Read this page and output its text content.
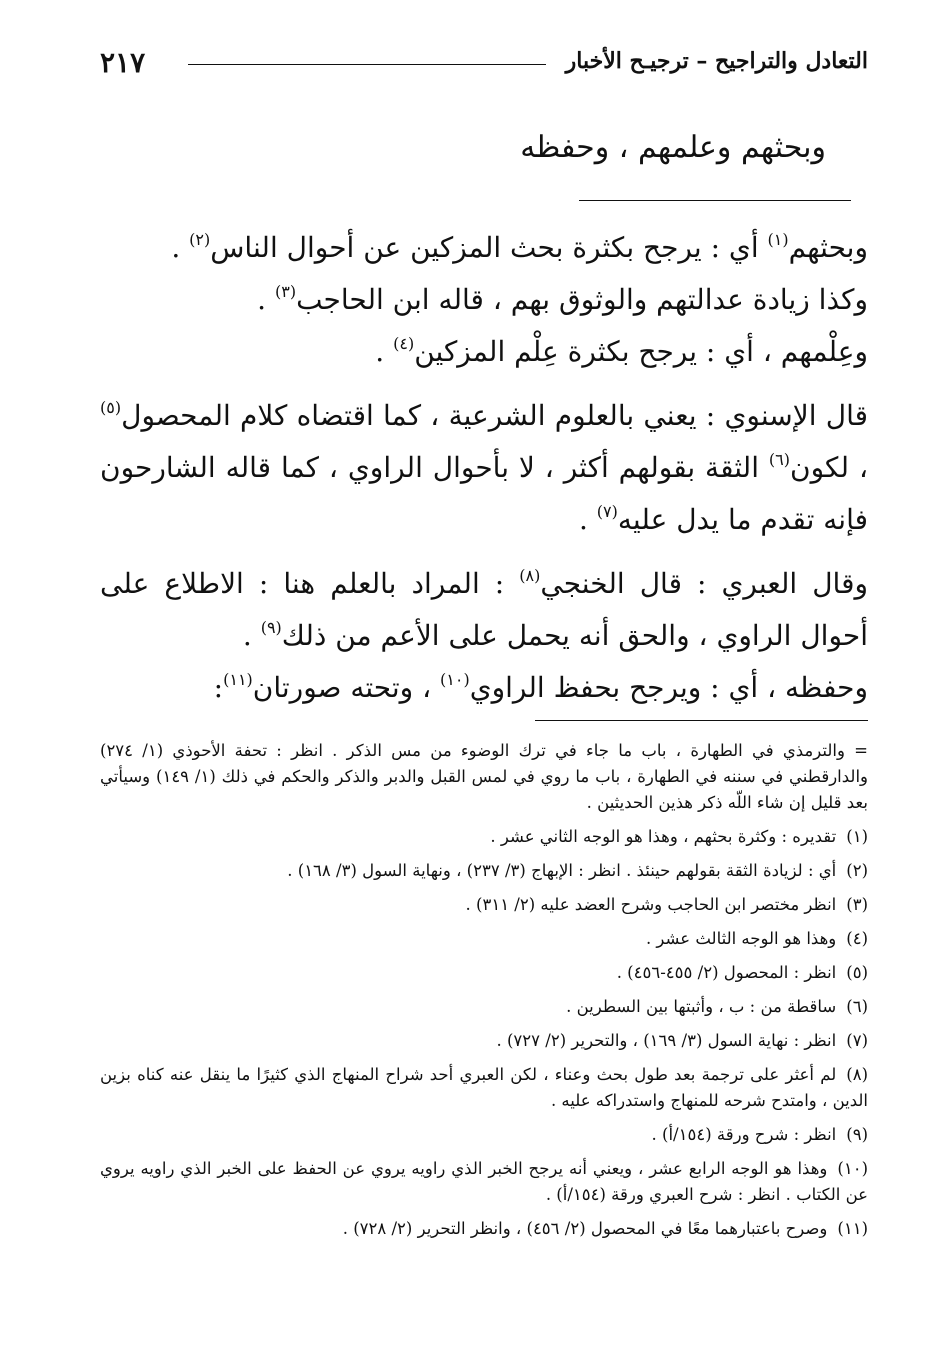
٢١٧	التعادل والتراجيح – ترجيـح الأخبار
وبحثهم وعلمهم ، وحفظه

وبحثهم$^{(١)}$ أي : يرجح بكثرة بحث المزكين عن أحوال الناس$^{(٢)}$ .

وكذا زيادة عدالتهم والوثوق بهم ، قاله ابن الحاجب$^{(٣)}$ .

وعِلْمهم ، أي : يرجح بكثرة عِلْم المزكين$^{(٤)}$ .

قال الإسنوي : يعني بالعلوم الشرعية ، كما اقتضاه كلام المحصول$^{(٥)}$ ، لكون$^{(٦)}$ الثقة بقولهم أكثر ، لا بأحوال الراوي ، كما قاله الشارحون فإنه تقدم ما يدل عليه$^{(٧)}$ .

وقال العبري : قال الخنجي$^{(٨)}$ : المراد بالعلم هنا : الاطلاع على أحوال الراوي ، والحق أنه يحمل على الأعم من ذلك$^{(٩)}$ .

وحفظه ، أي : ويرجح بحفظ الراوي$^{(١٠)}$ ، وتحته صورتان$^{(١١)}$:

= والترمذي في الطهارة ، باب ما جاء في ترك الوضوء من مس الذكر . انظر : تحفة الأحوذي (١/ ٢٧٤) والدارقطني في سننه في الطهارة ، باب ما روي في لمس القبل والدبر والذكر والحكم في ذلك (١/ ١٤٩) وسيأتي بعد قليل إن شاء اللّه ذكر هذين الحديثين .

(١)تقديره : وكثرة بحثهم ، وهذا هو الوجه الثاني عشر .

(٢)أي : لزيادة الثقة بقولهم حينئذ . انظر : الإبهاج (٣/ ٢٣٧) ، ونهاية السول (٣/ ١٦٨) .

(٣)انظر مختصر ابن الحاجب وشرح العضد عليه (٢/ ٣١١) .

(٤)وهذا هو الوجه الثالث عشر .

(٥)انظر : المحصول (٢/ ٤٥٥-٤٥٦) .

(٦)ساقطة من : ب ، وأثبتها بين السطرين .

(٧)انظر : نهاية السول (٣/ ١٦٩) ، والتحرير (٢/ ٧٢٧) .

(٨)لم أعثر على ترجمة بعد طول بحث وعناء ، لكن العبري أحد شراح المنهاج الذي كثيرًا ما ينقل عنه كناه بزين الدين ، وامتدح شرحه للمنهاج واستدراكه عليه .

(٩)انظر : شرح ورقة (١٥٤/أ) .

(١٠)وهذا هو الوجه الرابع عشر ، ويعني أنه يرجح الخبر الذي راويه يروي عن الحفظ على الخبر الذي راويه يروي عن الكتاب . انظر : شرح العبري ورقة (١٥٤/أ) .

(١١)وصرح باعتبارهما معًا في المحصول (٢/ ٤٥٦) ، وانظر التحرير (٢/ ٧٢٨) .
